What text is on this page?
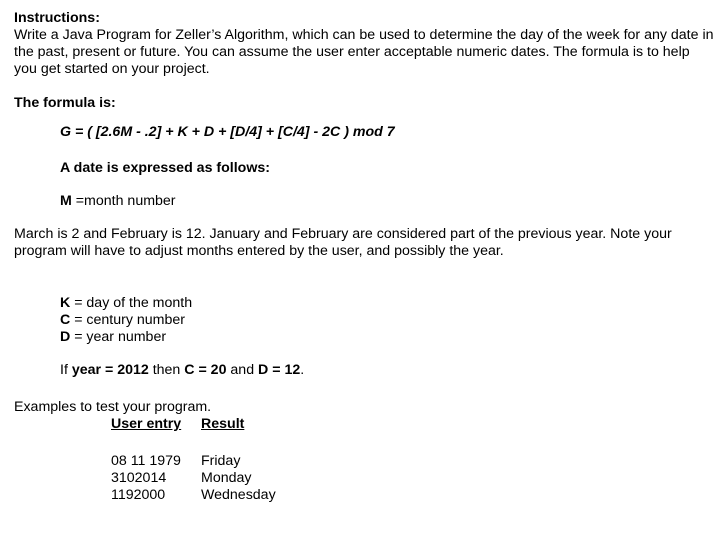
Instructions:

Write a Java Program for Zeller’s Algorithm, which can be used to determine the day of the week for any date in the past, present or future. You can assume the user enter acceptable numeric dates. The formula is to help you get started on your project.

The formula is:

G = ( [2.6M - .2] + K + D + [D/4] + [C/4] - 2C ) mod 7

A date is expressed as follows:

M =month number

March is 2 and February is 12. January and February are considered part of the previous year. Note your program will have to adjust months entered by the user, and possibly the year.

K = day of the month

C = century number

D = year number

If year = 2012 then C = 20 and D = 12.

Examples to test your program.

User entry	Result
08 11 1979	Friday
3102014	Monday
1192000	Wednesday
